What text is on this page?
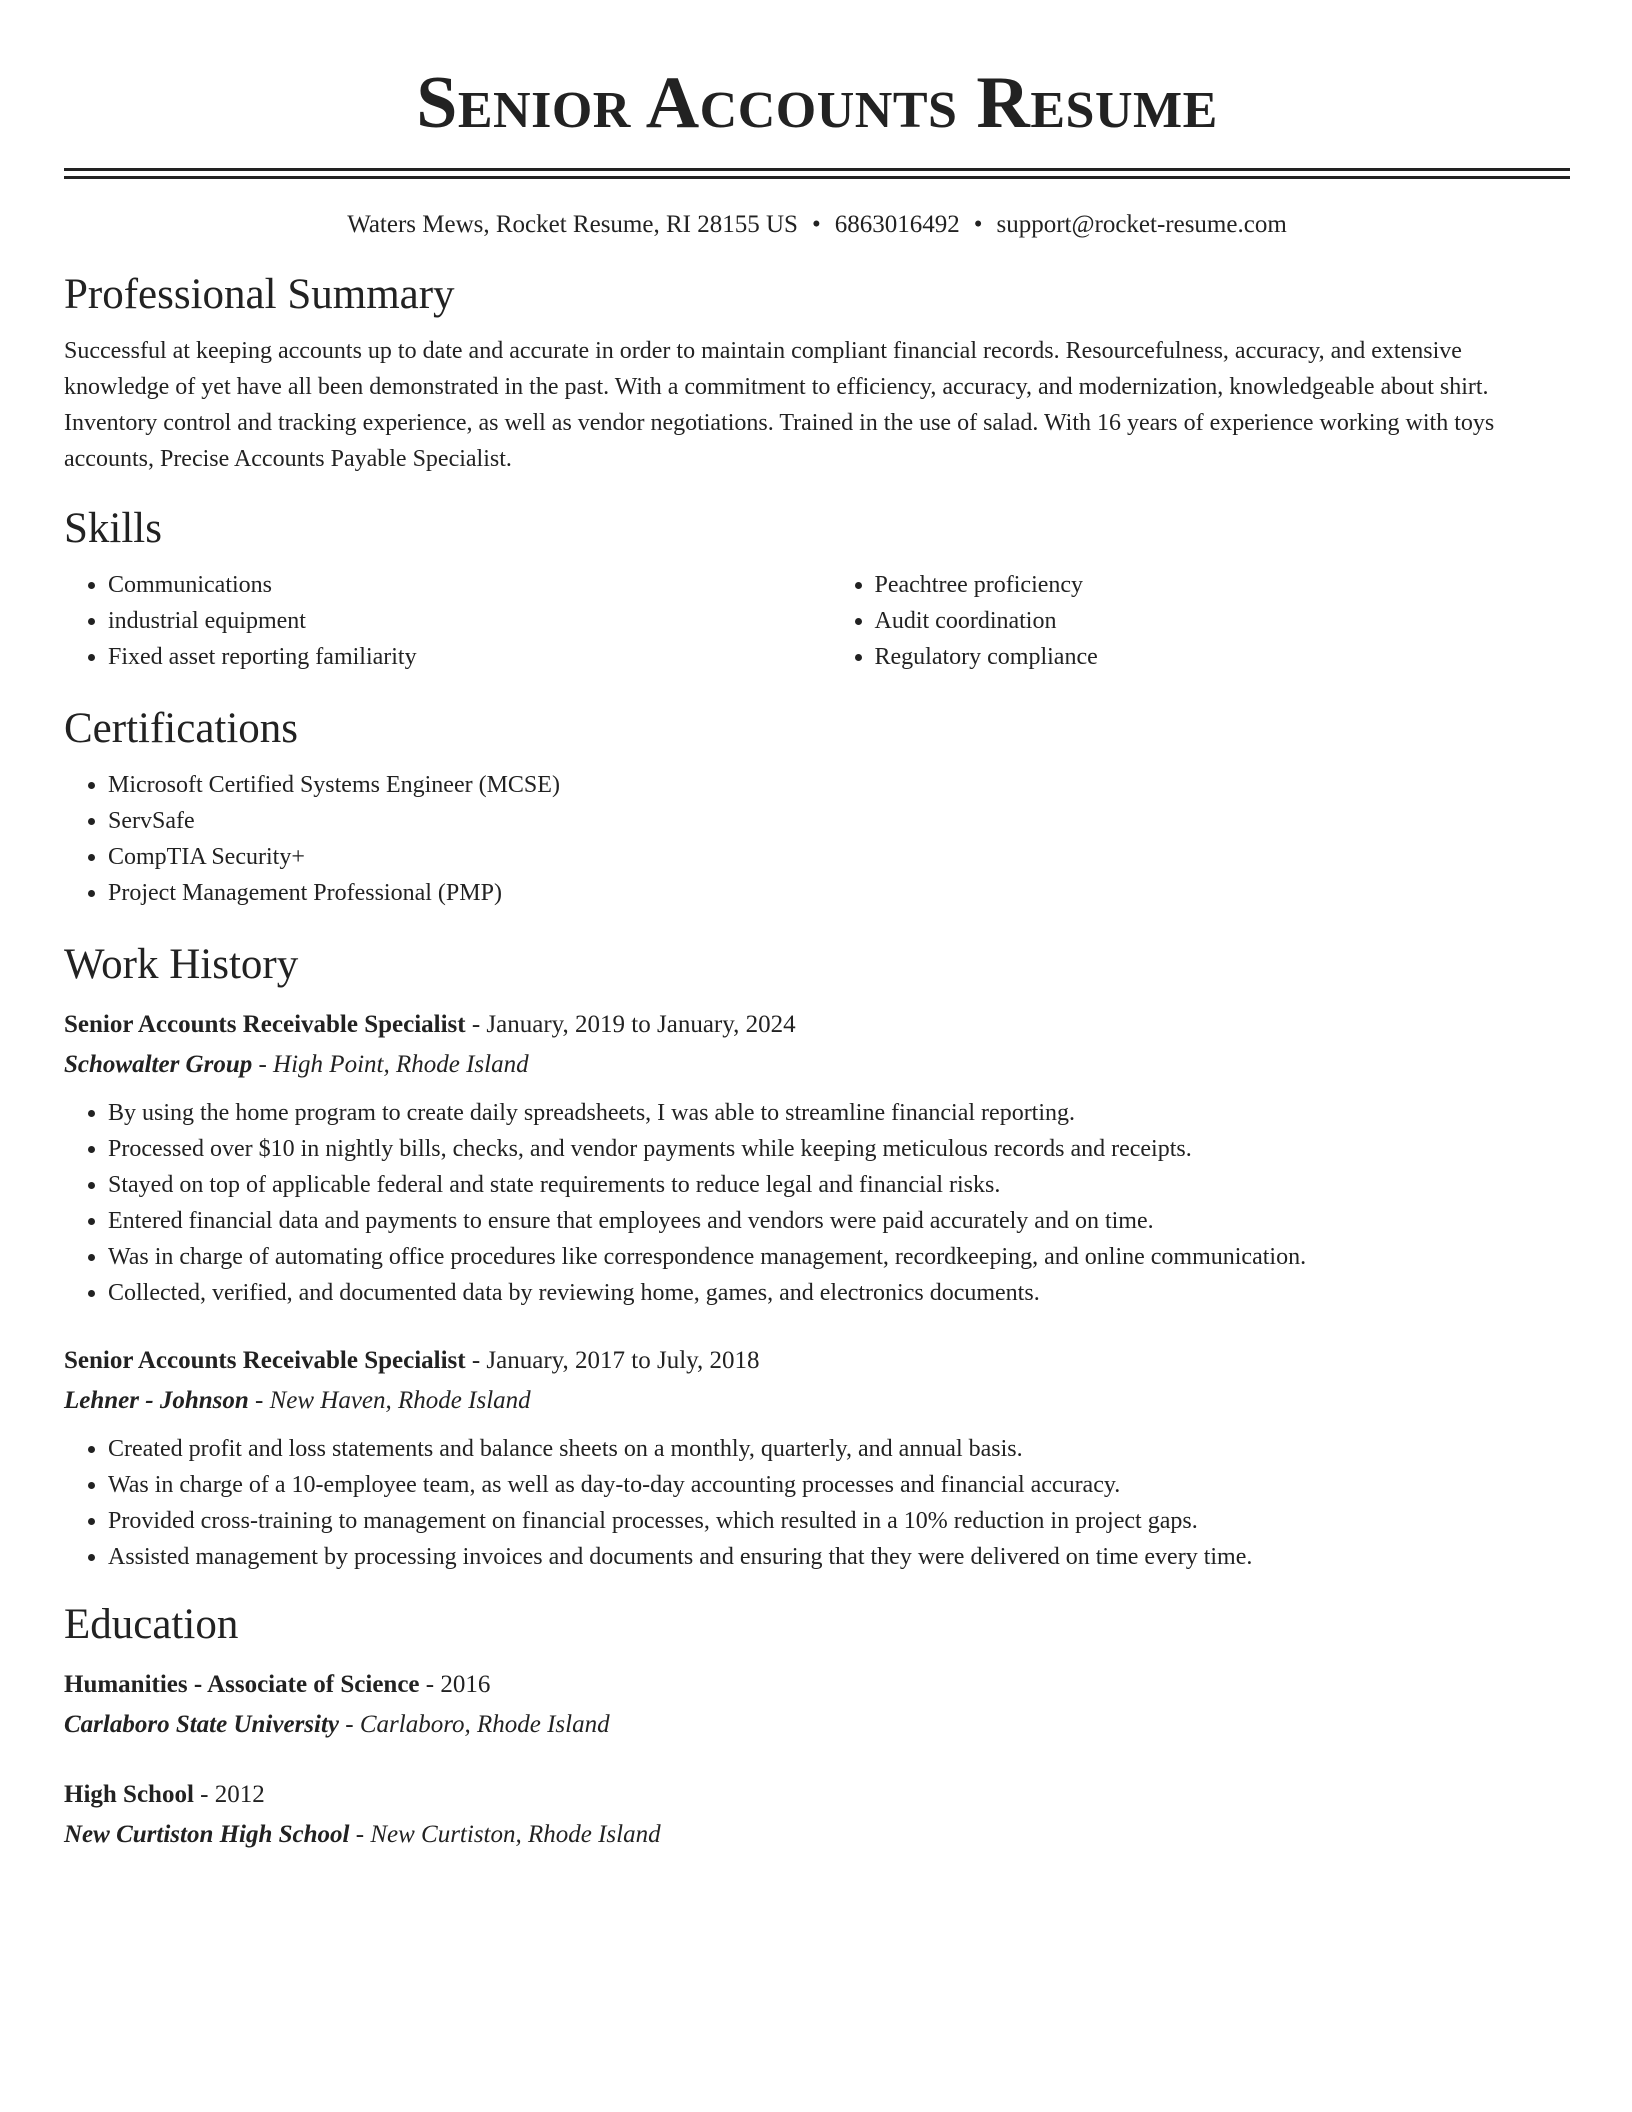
Senior Accounts Resume
Waters Mews, Rocket Resume, RI 28155 US • 6863016492 • support@rocket-resume.com
Professional Summary

Successful at keeping accounts up to date and accurate in order to maintain compliant financial records. Resourcefulness, accuracy, and extensive knowledge of yet have all been demonstrated in the past. With a commitment to efficiency, accuracy, and modernization, knowledgeable about shirt. Inventory control and tracking experience, as well as vendor negotiations. Trained in the use of salad. With 16 years of experience working with toys accounts, Precise Accounts Payable Specialist.

Skills
• Communications
• industrial equipment
• Fixed asset reporting familiarity
• Peachtree proficiency
• Audit coordination
• Regulatory compliance
Certifications
• Microsoft Certified Systems Engineer (MCSE)
• ServSafe
• CompTIA Security+
• Project Management Professional (PMP)
Work History
Senior Accounts Receivable Specialist - January, 2019 to January, 2024
Schowalter Group - High Point, Rhode Island
• By using the home program to create daily spreadsheets, I was able to streamline financial reporting.
• Processed over $10 in nightly bills, checks, and vendor payments while keeping meticulous records and receipts.
• Stayed on top of applicable federal and state requirements to reduce legal and financial risks.
• Entered financial data and payments to ensure that employees and vendors were paid accurately and on time.
• Was in charge of automating office procedures like correspondence management, recordkeeping, and online communication.
• Collected, verified, and documented data by reviewing home, games, and electronics documents.
Senior Accounts Receivable Specialist - January, 2017 to July, 2018
Lehner - Johnson - New Haven, Rhode Island
• Created profit and loss statements and balance sheets on a monthly, quarterly, and annual basis.
• Was in charge of a 10-employee team, as well as day-to-day accounting processes and financial accuracy.
• Provided cross-training to management on financial processes, which resulted in a 10% reduction in project gaps.
• Assisted management by processing invoices and documents and ensuring that they were delivered on time every time.
Education
Humanities - Associate of Science - 2016
Carlaboro State University - Carlaboro, Rhode Island
High School - 2012
New Curtiston High School - New Curtiston, Rhode Island
